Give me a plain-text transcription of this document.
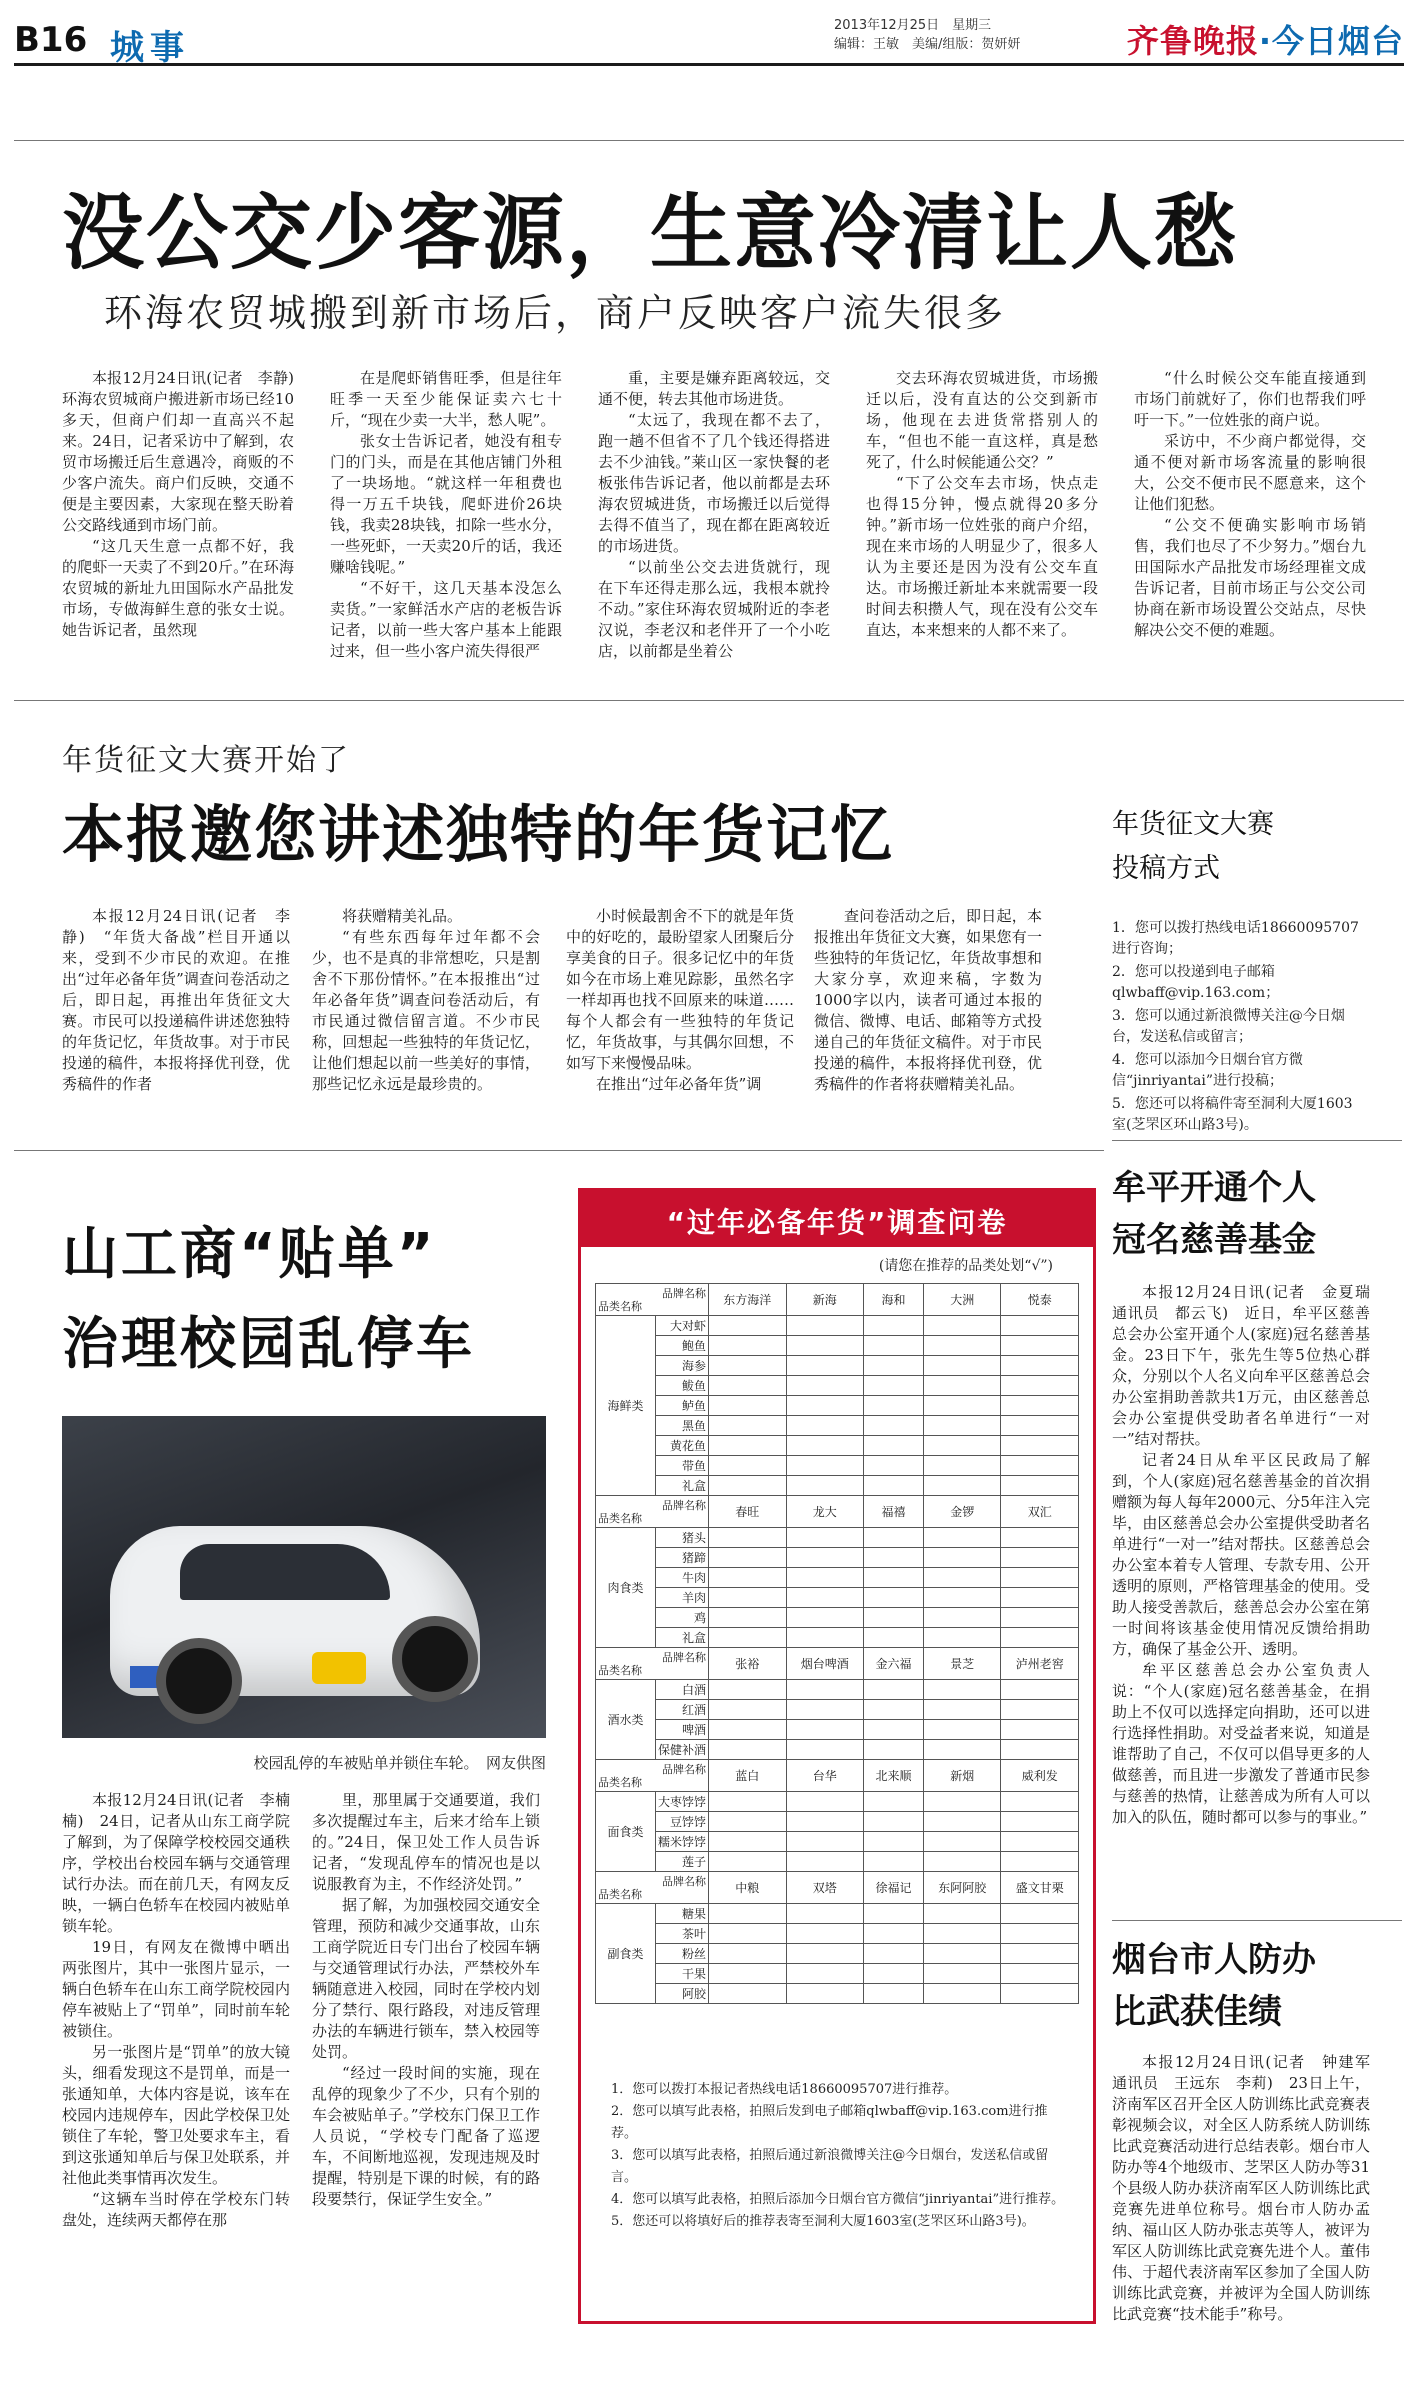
B16 城事
2013年12月25日　星期三
编辑：王敏　美编/组版：贺妍妍	齐鲁晚报·今日烟台
没公交少客源，生意冷清让人愁
环海农贸城搬到新市场后，商户反映客户流失很多

本报12月24日讯(记者　李静)　环海农贸城商户搬进新市场已经10多天，但商户们却一直高兴不起来。24日，记者采访中了解到，农贸市场搬迁后生意遇冷，商贩的不少客户流失。商户们反映，交通不便是主要因素，大家现在整天盼着公交路线通到市场门前。

“这几天生意一点都不好，我的爬虾一天卖了不到20斤。”在环海农贸城的新址九田国际水产品批发市场，专做海鲜生意的张女士说。她告诉记者，虽然现

在是爬虾销售旺季，但是往年旺季一天至少能保证卖六七十斤，“现在少卖一大半，愁人呢”。

张女士告诉记者，她没有租专门的门头，而是在其他店铺门外租了一块场地。“就这样一年租费也得一万五千块钱，爬虾进价26块钱，我卖28块钱，扣除一些水分，一些死虾，一天卖20斤的话，我还赚啥钱呢。”

“不好干，这几天基本没怎么卖货。”一家鲜活水产店的老板告诉记者，以前一些大客户基本上能跟过来，但一些小客户流失得很严

重，主要是嫌弃距离较远，交通不便，转去其他市场进货。

“太远了，我现在都不去了，跑一趟不但省不了几个钱还得搭进去不少油钱。”莱山区一家快餐的老板张伟告诉记者，他以前都是去环海农贸城进货，市场搬迁以后觉得去得不值当了，现在都在距离较近的市场进货。

“以前坐公交去进货就行，现在下车还得走那么远，我根本就拎不动。”家住环海农贸城附近的李老汉说，李老汉和老伴开了一个小吃店，以前都是坐着公

交去环海农贸城进货，市场搬迁以后，没有直达的公交到新市场，他现在去进货常搭别人的车，“但也不能一直这样，真是愁死了，什么时候能通公交？”

“下了公交车去市场，快点走也得15分钟，慢点就得20多分钟。”新市场一位姓张的商户介绍，现在来市场的人明显少了，很多人认为主要还是因为没有公交车直达。市场搬迁新址本来就需要一段时间去积攒人气，现在没有公交车直达，本来想来的人都不来了。

“什么时候公交车能直接通到市场门前就好了，你们也帮我们呼吁一下。”一位姓张的商户说。

采访中，不少商户都觉得，交通不便对新市场客流量的影响很大，公交不便市民不愿意来，这个让他们犯愁。

“公交不便确实影响市场销售，我们也尽了不少努力。”烟台九田国际水产品批发市场经理崔文成告诉记者，目前市场正与公交公司协商在新市场设置公交站点，尽快解决公交不便的难题。

年货征文大赛开始了
本报邀您讲述独特的年货记忆

本报12月24日讯(记者　李静)　“年货大备战”栏目开通以来，受到不少市民的欢迎。在推出“过年必备年货”调查问卷活动之后，即日起，再推出年货征文大赛。市民可以投递稿件讲述您独特的年货记忆，年货故事。对于市民投递的稿件，本报将择优刊登，优秀稿件的作者

将获赠精美礼品。

“有些东西每年过年都不会少，也不是真的非常想吃，只是割舍不下那份情怀。”在本报推出“过年必备年货”调查问卷活动后，有市民通过微信留言道。不少市民称，回想起一些独特的年货记忆，让他们想起以前一些美好的事情，那些记忆永远是最珍贵的。

小时候最割舍不下的就是年货中的好吃的，最盼望家人团聚后分享美食的日子。很多记忆中的年货如今在市场上难见踪影，虽然名字一样却再也找不回原来的味道……每个人都会有一些独特的年货记忆，年货故事，与其偶尔回想，不如写下来慢慢品味。

在推出“过年必备年货”调

查问卷活动之后，即日起，本报推出年货征文大赛，如果您有一些独特的年货记忆，年货故事想和大家分享，欢迎来稿，字数为1000字以内，读者可通过本报的微信、微博、电话、邮箱等方式投递自己的年货征文稿件。对于市民投递的稿件，本报将择优刊登，优秀稿件的作者将获赠精美礼品。

年货征文大赛
投稿方式
1．您可以拨打热线电话18660095707进行咨询；
2．您可以投递到电子邮箱qlwbaff@vip.163.com；
3．您可以通过新浪微博关注@今日烟台，发送私信或留言；
4．您可以添加今日烟台官方微信“jinriyantai”进行投稿；
5．您还可以将稿件寄至洞利大厦1603室(芝罘区环山路3号)。
山工商“贴单”
治理校园乱停车
校园乱停的车被贴单并锁住车轮。　网友供图

本报12月24日讯(记者　李楠楠)　24日，记者从山东工商学院了解到，为了保障学校校园交通秩序，学校出台校园车辆与交通管理试行办法。而在前几天，有网友反映，一辆白色轿车在校园内被贴单锁车轮。

19日，有网友在微博中晒出两张图片，其中一张图片显示，一辆白色轿车在山东工商学院校园内停车被贴上了“罚单”，同时前车轮被锁住。

另一张图片是“罚单”的放大镜头，细看发现这不是罚单，而是一张通知单，大体内容是说，该车在校园内违规停车，因此学校保卫处锁住了车轮，警卫处要求车主，看到这张通知单后与保卫处联系，并社他此类事情再次发生。

“这辆车当时停在学校东门转盘处，连续两天都停在那

里，那里属于交通要道，我们多次提醒过车主，后来才给车上锁的。”24日，保卫处工作人员告诉记者，“发现乱停车的情况也是以说服教育为主，不作经济处罚。”

据了解，为加强校园交通安全管理，预防和减少交通事故，山东工商学院近日专门出台了校园车辆与交通管理试行办法，严禁校外车辆随意进入校园，同时在学校内划分了禁行、限行路段，对违反管理办法的车辆进行锁车，禁入校园等处罚。

“经过一段时间的实施，现在乱停的现象少了不少，只有个别的车会被贴单子。”学校东门保卫工作人员说，“学校专门配备了巡逻车，不间断地巡视，发现违规及时提醒，特别是下课的时候，有的路段要禁行，保证学生安全。”

“过年必备年货”调查问卷
(请您在推荐的品类处划“√”)
品牌名称
品类名称		东方海洋	新海	海和	大洲	悦泰
海鲜类	大对虾					
	鲍鱼					
	海参					
	鲅鱼					
	鲈鱼					
	黑鱼					
	黄花鱼					
	带鱼					
	礼盒					

品牌名称
品类名称		春旺	龙大	福禧	金锣	双汇
肉食类	猪头					
	猪蹄					
	牛肉					
	羊肉					
	鸡					
	礼盒					

品牌名称
品类名称		张裕	烟台啤酒	金六福	景芝	泸州老窖
酒水类	白酒					
	红酒					
	啤酒					
	保健补酒					

品牌名称
品类名称		蓝白	台华	北来顺	新烟	威利发
面食类	大枣饽饽					
	豆饽饽					
	糯米饽饽					
	莲子					

品牌名称
品类名称		中粮	双塔	徐福记	东阿阿胶	盛文甘栗
副食类	糖果					
	茶叶					
	粉丝					
	干果					
	阿胶					
1．您可以拨打本报记者热线电话18660095707进行推荐。
2．您可以填写此表格，拍照后发到电子邮箱qlwbaff@vip.163.com进行推荐。
3．您可以填写此表格，拍照后通过新浪微博关注@今日烟台，发送私信或留言。
4．您可以填写此表格，拍照后添加今日烟台官方微信“jinriyantai”进行推荐。
5．您还可以将填好后的推荐表寄至洞利大厦1603室(芝罘区环山路3号)。
牟平开通个人
冠名慈善基金

本报12月24日讯(记者　金夏瑞　通讯员　都云飞)　近日，牟平区慈善总会办公室开通个人(家庭)冠名慈善基金。23日下午，张先生等5位热心群众，分别以个人名义向牟平区慈善总会办公室捐助善款共1万元，由区慈善总会办公室提供受助者名单进行“一对一”结对帮扶。

记者24日从牟平区民政局了解到，个人(家庭)冠名慈善基金的首次捐赠额为每人每年2000元、分5年注入完毕，由区慈善总会办公室提供受助者名单进行“一对一”结对帮扶。区慈善总会办公室本着专人管理、专款专用、公开透明的原则，严格管理基金的使用。受助人接受善款后，慈善总会办公室在第一时间将该基金使用情况反馈给捐助方，确保了基金公开、透明。

牟平区慈善总会办公室负责人说：“个人(家庭)冠名慈善基金，在捐助上不仅可以选择定向捐助，还可以进行选择性捐助。对受益者来说，知道是谁帮助了自己，不仅可以倡导更多的人做慈善，而且进一步激发了普通市民参与慈善的热情，让慈善成为所有人可以加入的队伍，随时都可以参与的事业。”

烟台市人防办
比武获佳绩

本报12月24日讯(记者　钟建军　通讯员　王远东　李莉)　23日上午，济南军区召开全区人防训练比武竞赛表彰视频会议，对全区人防系统人防训练比武竞赛活动进行总结表彰。烟台市人防办等4个地级市、芝罘区人防办等31个县级人防办获济南军区人防训练比武竞赛先进单位称号。烟台市人防办孟纳、福山区人防办张志英等人，被评为军区人防训练比武竞赛先进个人。董伟伟、于超代表济南军区参加了全国人防训练比武竞赛，并被评为全国人防训练比武竞赛“技术能手”称号。
